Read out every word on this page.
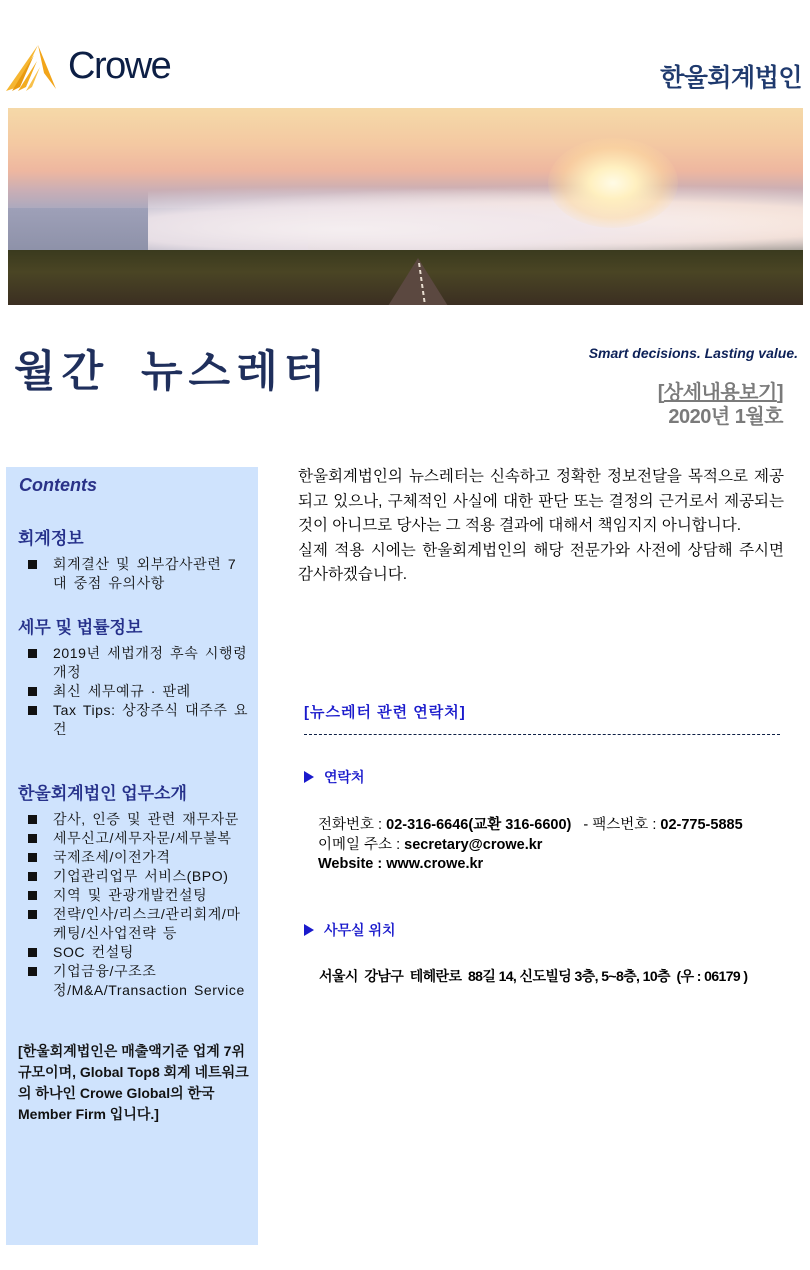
Crowe	한울회계법인
월간 뉴스레터	Smart decisions. Lasting value.
[상세내용보기]
2020년 1월호
Contents
회계정보
회계결산 및 외부감사관련 7대 중점 유의사항
세무 및 법률정보
2019년 세법개정 후속 시행령개정
최신 세무예규 · 판례
Tax Tips: 상장주식 대주주 요건
한울회계법인 업무소개
감사, 인증 및 관련 재무자문
세무신고/세무자문/세무불복
국제조세/이전가격
기업관리업무 서비스(BPO)
지역 및 관광개발컨설팅
전략/인사/리스크/관리회계/마케팅/신사업전략 등
SOC 컨설팅
기업금융/구조조정/M&A/Transaction Service
[한울회계법인은 매출액기준 업계 7위 규모이며, Global Top8 회계 네트워크의 하나인 Crowe Global의 한국 Member Firm 입니다.]

한울회계법인의 뉴스레터는 신속하고 정확한 정보전달을 목적으로 제공되고 있으나, 구체적인 사실에 대한 판단 또는 결정의 근거로서 제공되는 것이 아니므로 당사는 그 적용 결과에 대해서 책임지지 아니합니다.

실제 적용 시에는 한울회계법인의 해당 전문가와 사전에 상담해 주시면 감사하겠습니다.

[뉴스레터 관련 연락처]
연락처
전화번호 : 02-316-6646(교환 316-6600)   - 팩스번호 : 02-775-5885
이메일 주소 : secretary@crowe.kr
Website : www.crowe.kr
사무실 위치
서울시  강남구  테헤란로  88길 14, 신도빌딩 3층, 5~8층, 10층  (우 : 06179 )
